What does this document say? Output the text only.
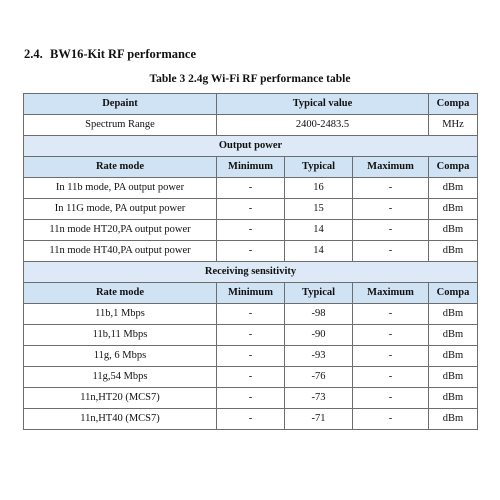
2.4. BW16-Kit RF performance
Table 3 2.4g Wi-Fi RF performance table
Depaint	Typical value			Compa
Spectrum Range	2400-2483.5			MHz
Output power				
Rate mode	Minimum	Typical	Maximum	Compa
In 11b mode, PA output power	-	16	-	dBm
In 11G mode, PA output power	-	15	-	dBm
11n mode HT20,PA output power	-	14	-	dBm
11n mode HT40,PA output power	-	14	-	dBm
Receiving sensitivity				
Rate mode	Minimum	Typical	Maximum	Compa
11b,1 Mbps	-	-98	-	dBm
11b,11 Mbps	-	-90	-	dBm
11g, 6 Mbps	-	-93	-	dBm
11g,54 Mbps	-	-76	-	dBm
11n,HT20 (MCS7)	-	-73	-	dBm
11n,HT40 (MCS7)	-	-71	-	dBm
